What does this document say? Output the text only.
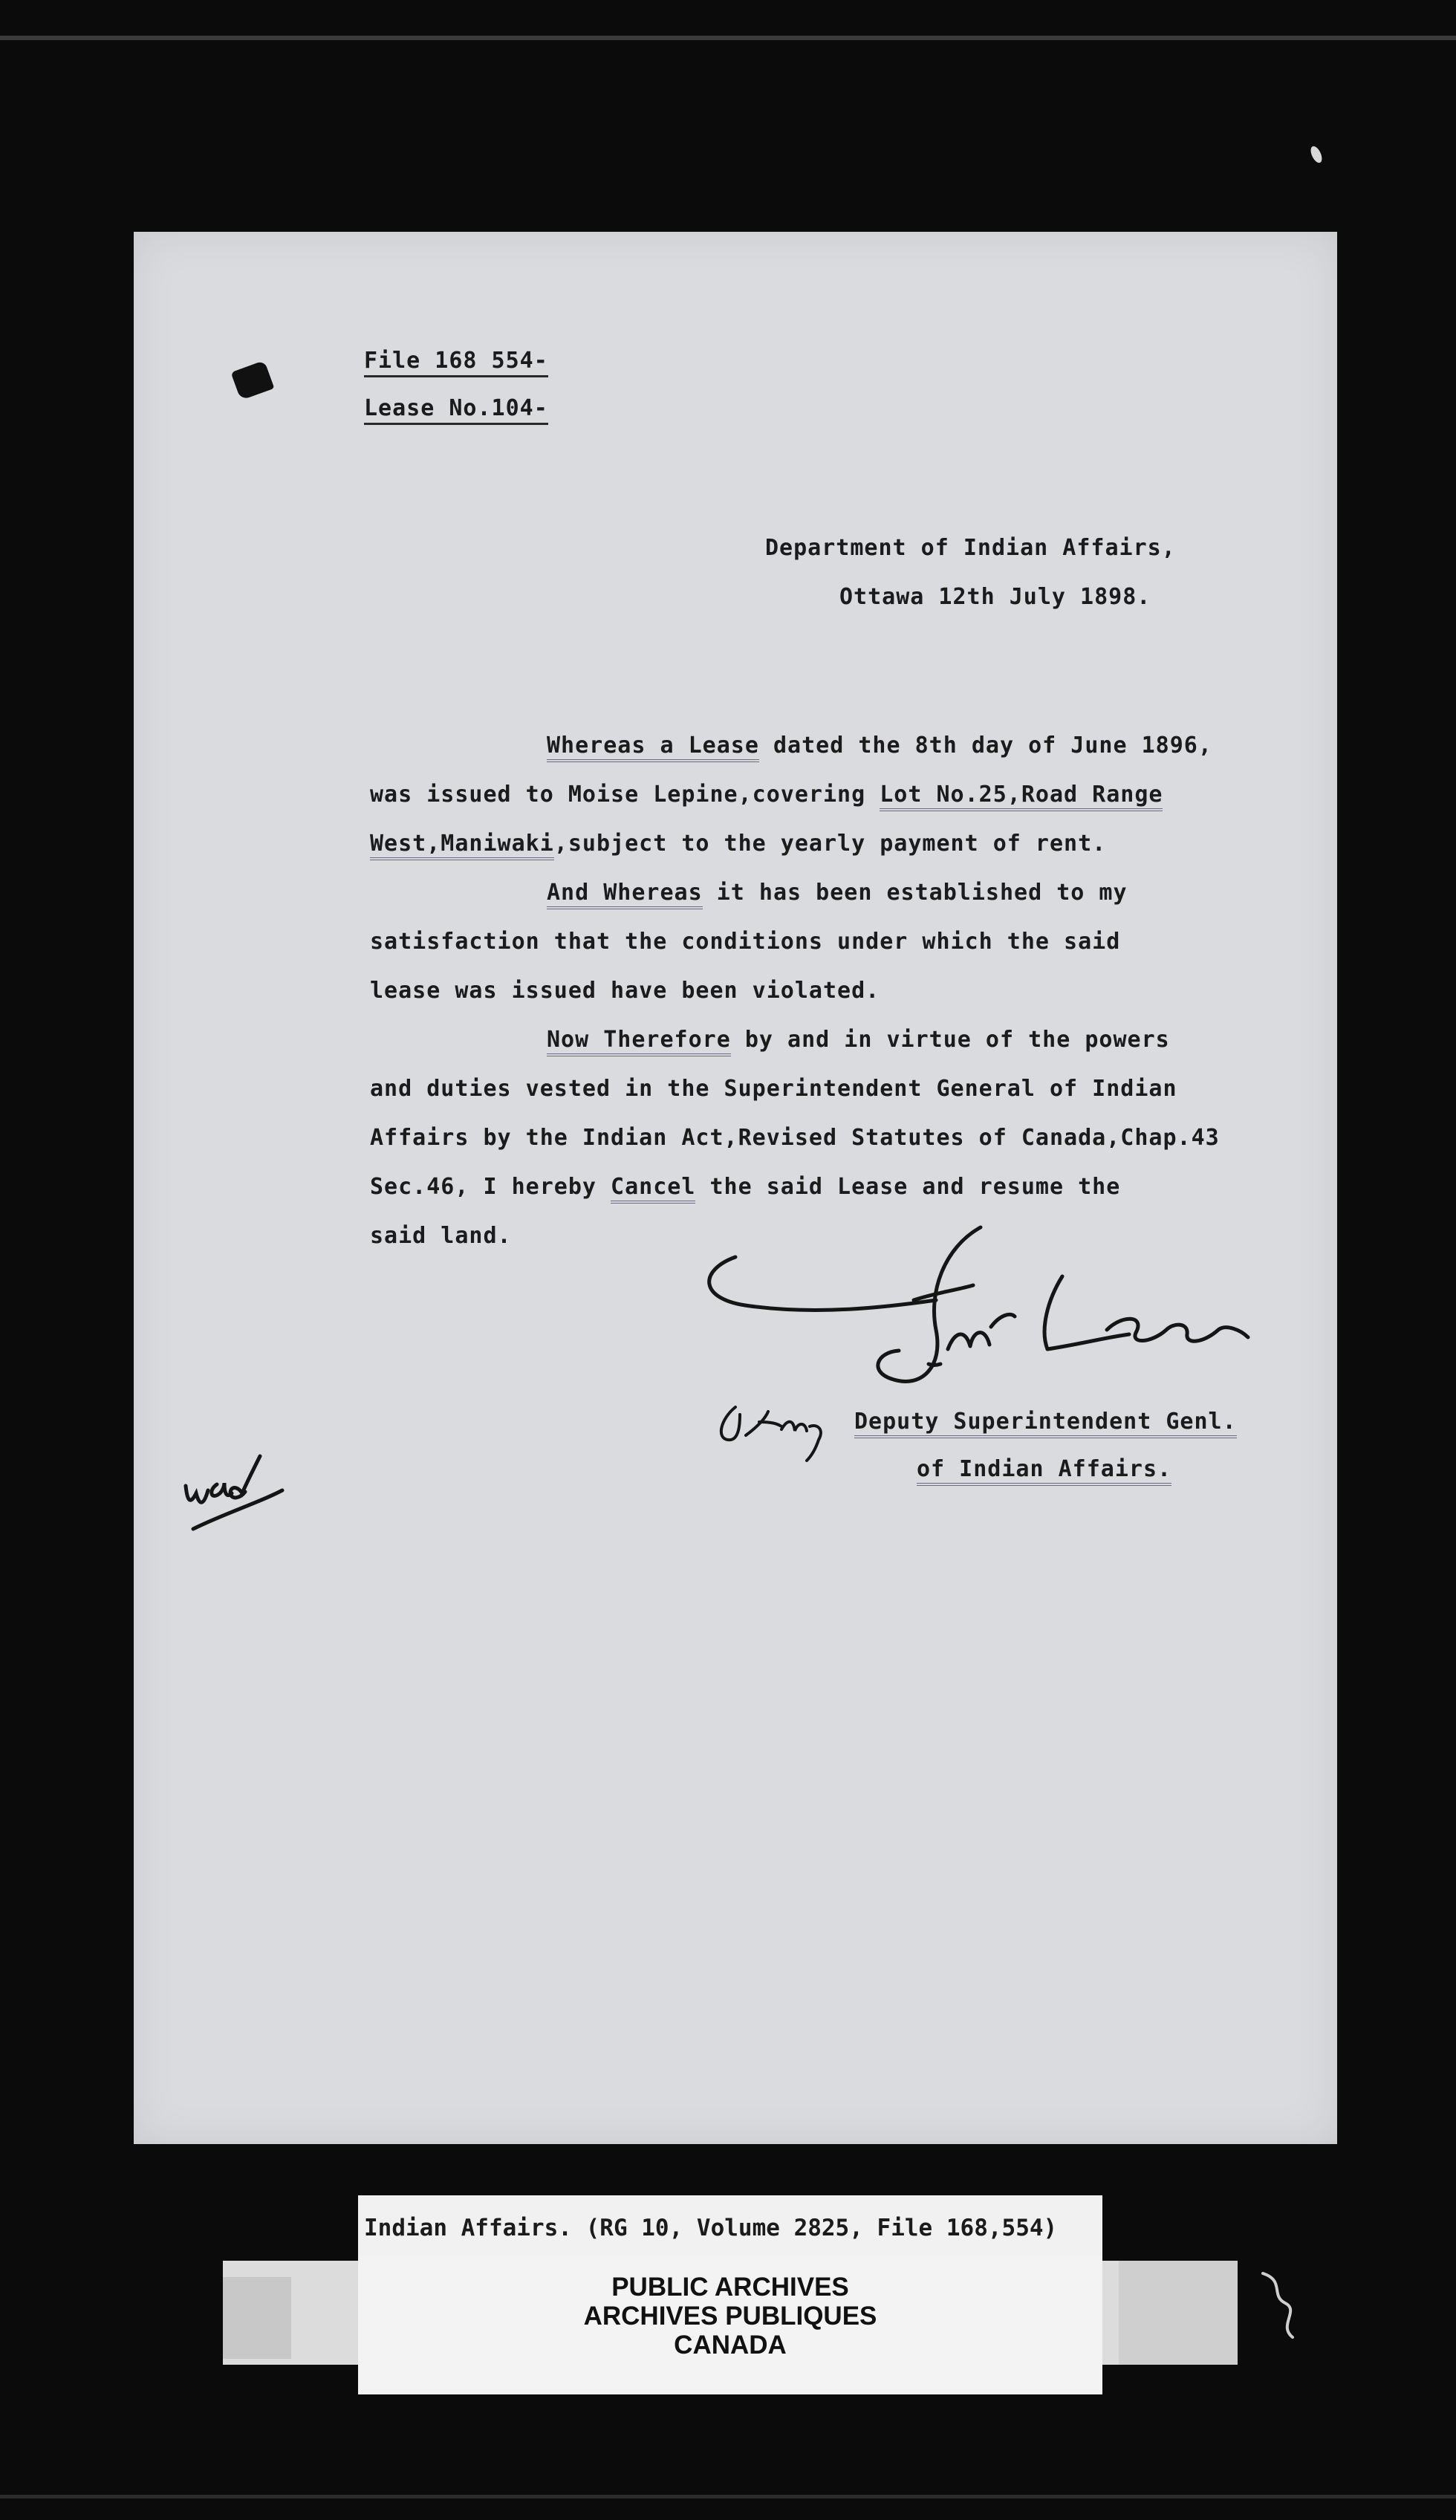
File 168 554-
Lease No.104-
Department of Indian Affairs,
Ottawa 12th July 1898.
Whereas a Lease dated the 8th day of June 1896,
was issued to Moise Lepine,covering Lot No.25,Road Range
West,Maniwaki,subject to the yearly payment of rent.
And Whereas it has been established to my
satisfaction that the conditions under which the said
lease was issued have been violated.
Now Therefore by and in virtue of the powers
and duties vested in the Superintendent General of Indian
Affairs by the Indian Act,Revised Statutes of Canada,Chap.43
Sec.46, I hereby Cancel the said Lease and resume the
said land.
Deputy Superintendent Genl.
of Indian Affairs.
Indian Affairs. (RG 10, Volume 2825, File 168,554)
PUBLIC ARCHIVES
ARCHIVES PUBLIQUES
CANADA
